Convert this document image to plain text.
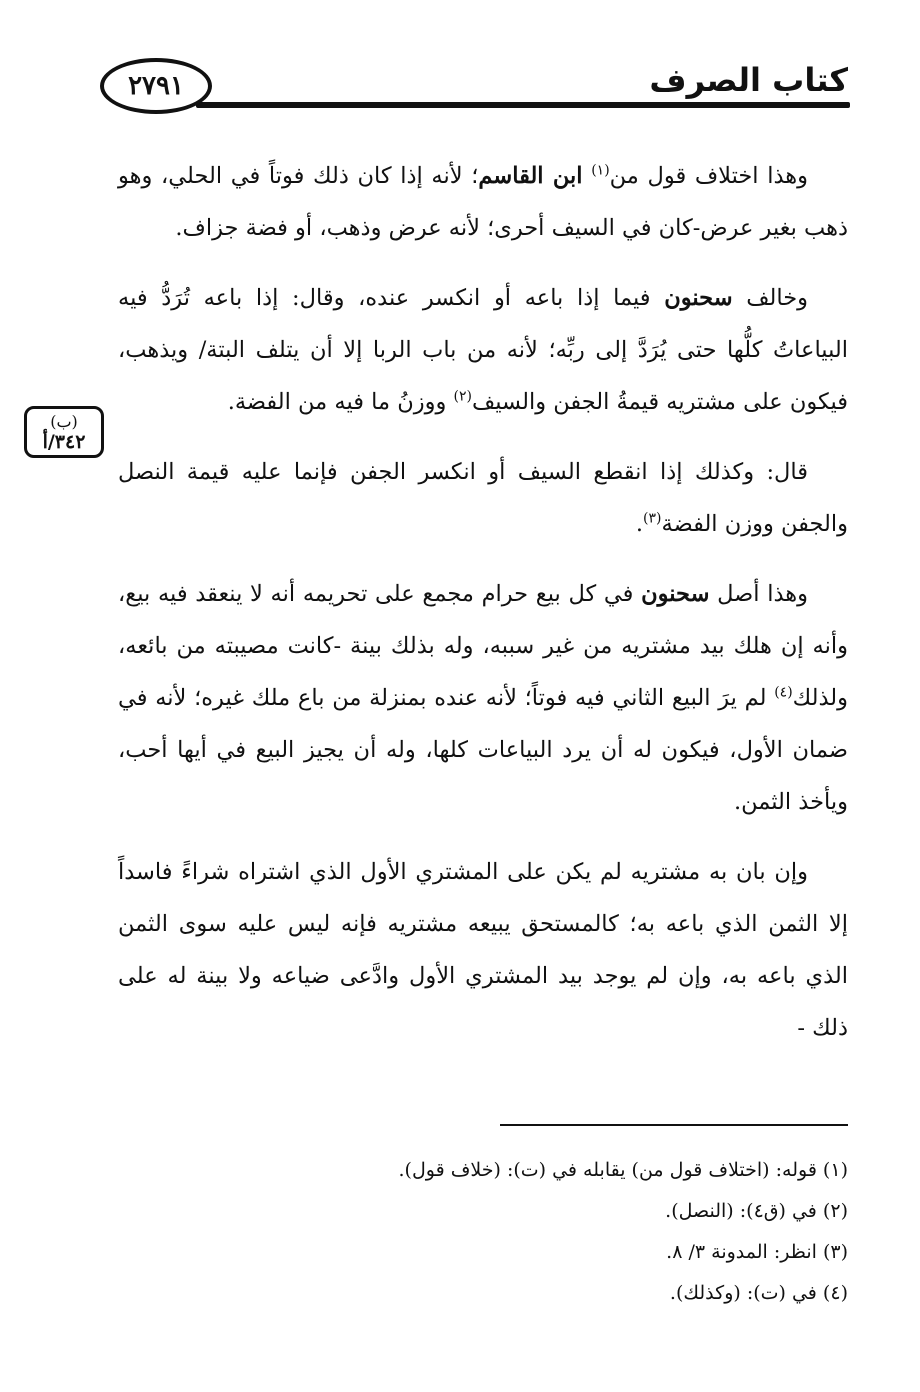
كتاب الصرف
٢٧٩١
(ب)
٣٤٢/أ

وهذا اختلاف قول من$^{(١)}$ ابن القاسم؛ لأنه إذا كان ذلك فوتاً في الحلي، وهو ذهب بغير عرض-كان في السيف أحرى؛ لأنه عرض وذهب، أو فضة جزاف.

وخالف سحنون فيما إذا باعه أو انكسر عنده، وقال: إذا باعه تُرَدُّ فيه البياعاتُ كلُّها حتى يُرَدَّ إلى ربِّه؛ لأنه من باب الربا إلا أن يتلف البتة/ ويذهب، فيكون على مشتريه قيمةُ الجفن والسيف$^{(٢)}$ ووزنُ ما فيه من الفضة.

قال: وكذلك إذا انقطع السيف أو انكسر الجفن فإنما عليه قيمة النصل والجفن ووزن الفضة$^{(٣)}$.

وهذا أصل سحنون في كل بيع حرام مجمع على تحريمه أنه لا ينعقد فيه بيع، وأنه إن هلك بيد مشتريه من غير سببه، وله بذلك بينة -كانت مصيبته من بائعه، ولذلك$^{(٤)}$ لم يرَ البيع الثاني فيه فوتاً؛ لأنه عنده بمنزلة من باع ملك غيره؛ لأنه في ضمان الأول، فيكون له أن يرد البياعات كلها، وله أن يجيز البيع في أيها أحب، ويأخذ الثمن.

وإن بان به مشتريه لم يكن على المشتري الأول الذي اشتراه شراءً فاسداً إلا الثمن الذي باعه به؛ كالمستحق يبيعه مشتريه فإنه ليس عليه سوى الثمن الذي باعه به، وإن لم يوجد بيد المشتري الأول وادَّعى ضياعه ولا بينة له على ذلك -

(١) قوله: (اختلاف قول من) يقابله في (ت): (خلاف قول).
(٢) في (ق٤): (النصل).
(٣) انظر: المدونة ٣/ ٨.
(٤) في (ت): (وكذلك).
